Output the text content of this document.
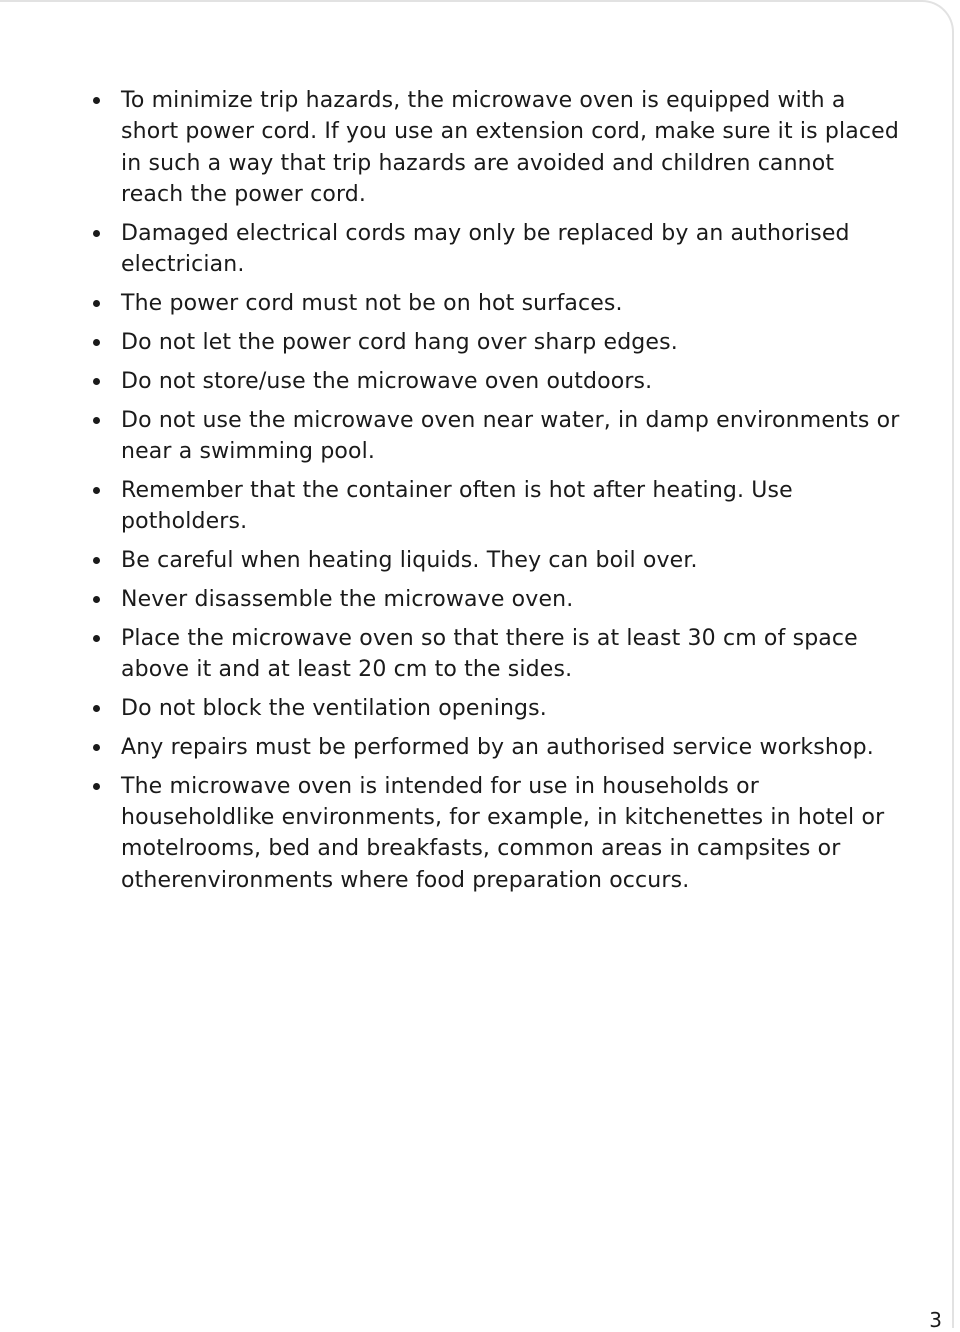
To minimize trip hazards, the microwave oven is equipped with a short power cord. If you use an extension cord, make sure it is placed in such a way that trip hazards are avoided and children cannot reach the power cord.
Damaged electrical cords may only be replaced by an authorised electrician.
The power cord must not be on hot surfaces.
Do not let the power cord hang over sharp edges.
Do not store/use the microwave oven outdoors.
Do not use the microwave oven near water, in damp environments or near a swimming pool.
Remember that the container often is hot after heating. Use potholders.
Be careful when heating liquids. They can boil over.
Never disassemble the microwave oven.
Place the microwave oven so that there is at least 30 cm of space above it and at least 20 cm to the sides.
Do not block the ventilation openings.
Any repairs must be performed by an authorised service workshop.
The microwave oven is intended for use in households or householdlike environments, for example, in kitchenettes in hotel or motelrooms, bed and breakfasts, common areas in campsites or otherenvironments where food preparation occurs.
3
